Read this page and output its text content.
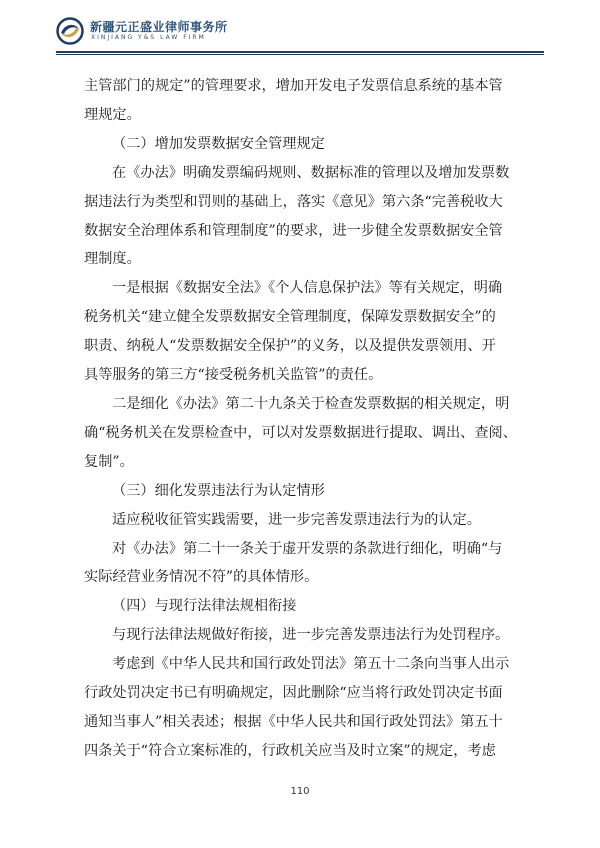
新疆元正盛业律师事务所
XINJIANG Y&S LAW FIRM

主管部门的规定”的管理要求，增加开发电子发票信息系统的基本管

理规定。

（二）增加发票数据安全管理规定

在《办法》明确发票编码规则、数据标准的管理以及增加发票数

据违法行为类型和罚则的基础上，落实《意见》第六条“完善税收大

数据安全治理体系和管理制度”的要求，进一步健全发票数据安全管

理制度。

一是根据《数据安全法》《个人信息保护法》等有关规定，明确

税务机关“建立健全发票数据安全管理制度，保障发票数据安全”的

职责、纳税人“发票数据安全保护”的义务，以及提供发票领用、开

具等服务的第三方“接受税务机关监管”的责任。

二是细化《办法》第二十九条关于检查发票数据的相关规定，明

确“税务机关在发票检查中，可以对发票数据进行提取、调出、查阅、

复制”。

（三）细化发票违法行为认定情形

适应税收征管实践需要，进一步完善发票违法行为的认定。

对《办法》第二十一条关于虚开发票的条款进行细化，明确“与

实际经营业务情况不符”的具体情形。

（四）与现行法律法规相衔接

与现行法律法规做好衔接，进一步完善发票违法行为处罚程序。

考虑到《中华人民共和国行政处罚法》第五十二条向当事人出示

行政处罚决定书已有明确规定，因此删除“应当将行政处罚决定书面

通知当事人”相关表述；根据《中华人民共和国行政处罚法》第五十

四条关于“符合立案标准的，行政机关应当及时立案”的规定，考虑

110
